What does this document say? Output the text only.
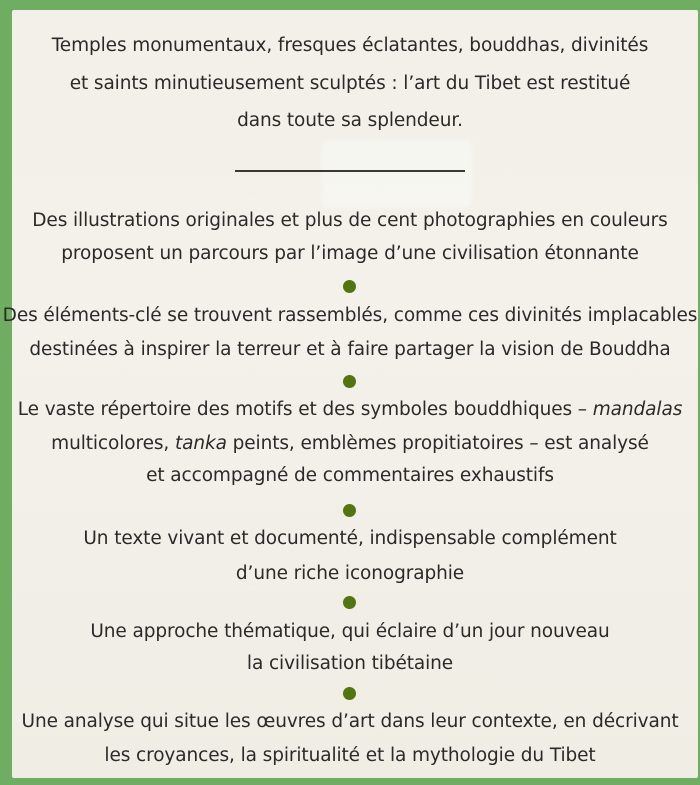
Temples monumentaux, fresques éclatantes, bouddhas, divinités
et saints minutieusement sculptés : l’art du Tibet est restitué
dans toute sa splendeur.
Des illustrations originales et plus de cent photographies en couleurs
proposent un parcours par l’image d’une civilisation étonnante
Des éléments-clé se trouvent rassemblés, comme ces divinités implacables
destinées à inspirer la terreur et à faire partager la vision de Bouddha
Le vaste répertoire des motifs et des symboles bouddhiques – mandalas
multicolores, tanka peints, emblèmes propitiatoires – est analysé
et accompagné de commentaires exhaustifs
Un texte vivant et documenté, indispensable complément
d’une riche iconographie
Une approche thématique, qui éclaire d’un jour nouveau
la civilisation tibétaine
Une analyse qui situe les œuvres d’art dans leur contexte, en décrivant
les croyances, la spiritualité et la mythologie du Tibet
